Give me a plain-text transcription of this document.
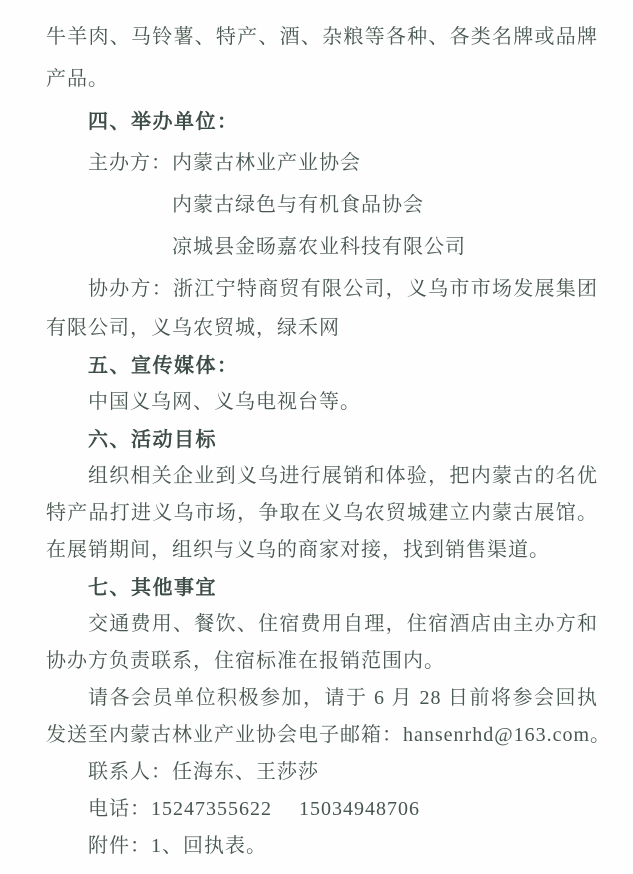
牛羊肉、马铃薯、特产、酒、杂粮等各种、各类名牌或品牌
产品。
四、举办单位：
主办方：内蒙古林业产业协会
内蒙古绿色与有机食品协会
凉城县金旸嘉农业科技有限公司
协办方：浙江宁特商贸有限公司，义乌市市场发展集团
有限公司，义乌农贸城，绿禾网
五、宣传媒体：
中国义乌网、义乌电视台等。
六、活动目标
组织相关企业到义乌进行展销和体验，把内蒙古的名优
特产品打进义乌市场，争取在义乌农贸城建立内蒙古展馆。
在展销期间，组织与义乌的商家对接，找到销售渠道。
七、其他事宜
交通费用、餐饮、住宿费用自理，住宿酒店由主办方和
协办方负责联系，住宿标准在报销范围内。
请各会员单位积极参加，请于 6 月 28 日前将参会回执
发送至内蒙古林业产业协会电子邮箱：hansenrhd@163.com。
联系人：任海东、王莎莎
电话：15247355622　 15034948706
附件：1、回执表。
